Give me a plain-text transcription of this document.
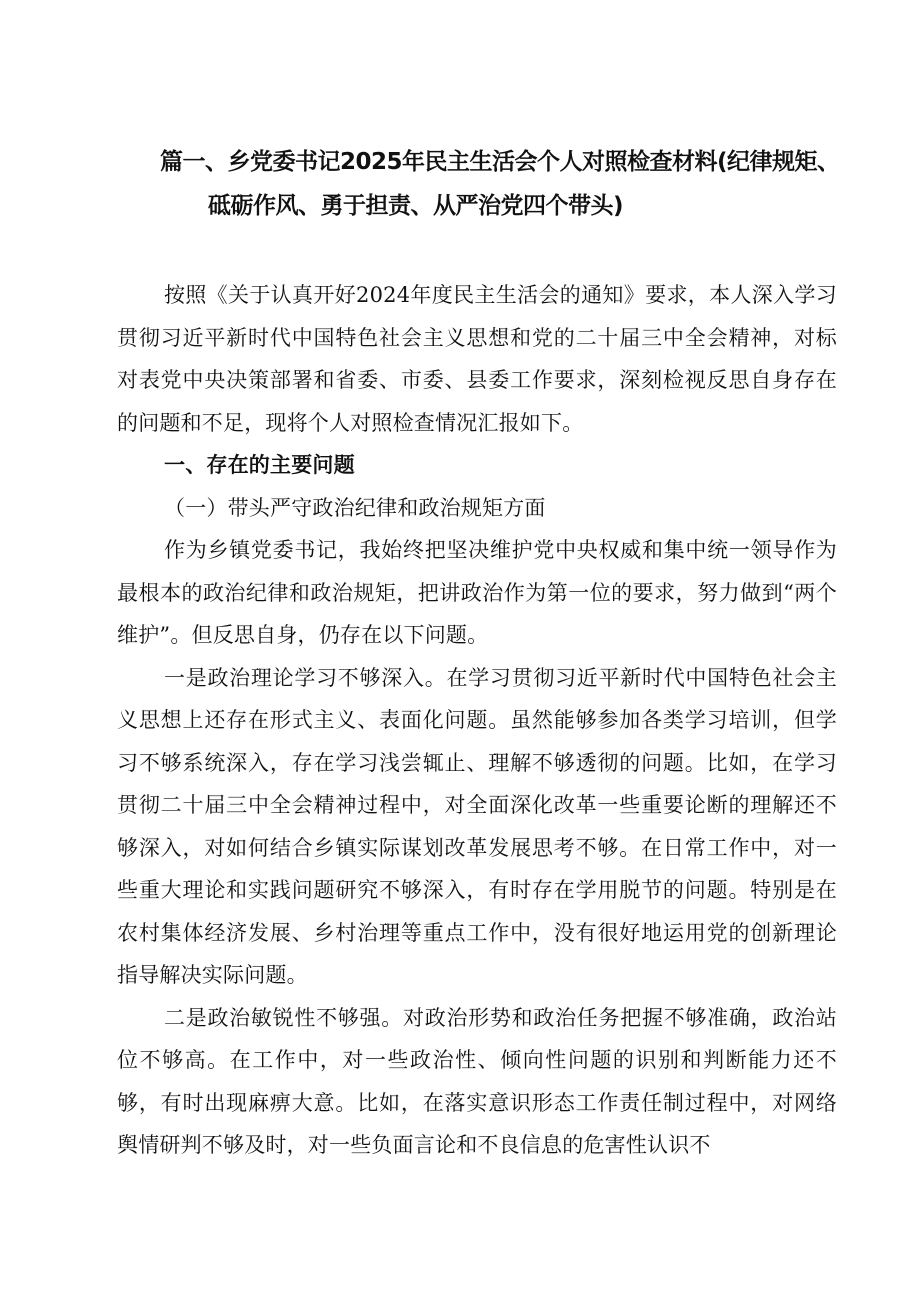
篇一、乡党委书记2025年民主生活会个人对照检查材料(纪律规矩、
砥砺作风、勇于担责、从严治党四个带头)

按照《关于认真开好2024年度民主生活会的通知》要求，本人深入学习贯彻习近平新时代中国特色社会主义思想和党的二十届三中全会精神，对标对表党中央决策部署和省委、市委、县委工作要求，深刻检视反思自身存在的问题和不足，现将个人对照检查情况汇报如下。

一、存在的主要问题

（一）带头严守政治纪律和政治规矩方面

作为乡镇党委书记，我始终把坚决维护党中央权威和集中统一领导作为最根本的政治纪律和政治规矩，把讲政治作为第一位的要求，努力做到“两个维护”。但反思自身，仍存在以下问题。

一是政治理论学习不够深入。在学习贯彻习近平新时代中国特色社会主义思想上还存在形式主义、表面化问题。虽然能够参加各类学习培训，但学习不够系统深入，存在学习浅尝辄止、理解不够透彻的问题。比如，在学习贯彻二十届三中全会精神过程中，对全面深化改革一些重要论断的理解还不够深入，对如何结合乡镇实际谋划改革发展思考不够。在日常工作中，对一些重大理论和实践问题研究不够深入，有时存在学用脱节的问题。特别是在农村集体经济发展、乡村治理等重点工作中，没有很好地运用党的创新理论指导解决实际问题。

二是政治敏锐性不够强。对政治形势和政治任务把握不够准确，政治站位不够高。在工作中，对一些政治性、倾向性问题的识别和判断能力还不够，有时出现麻痹大意。比如，在落实意识形态工作责任制过程中，对网络舆情研判不够及时，对一些负面言论和不良信息的危害性认识不
